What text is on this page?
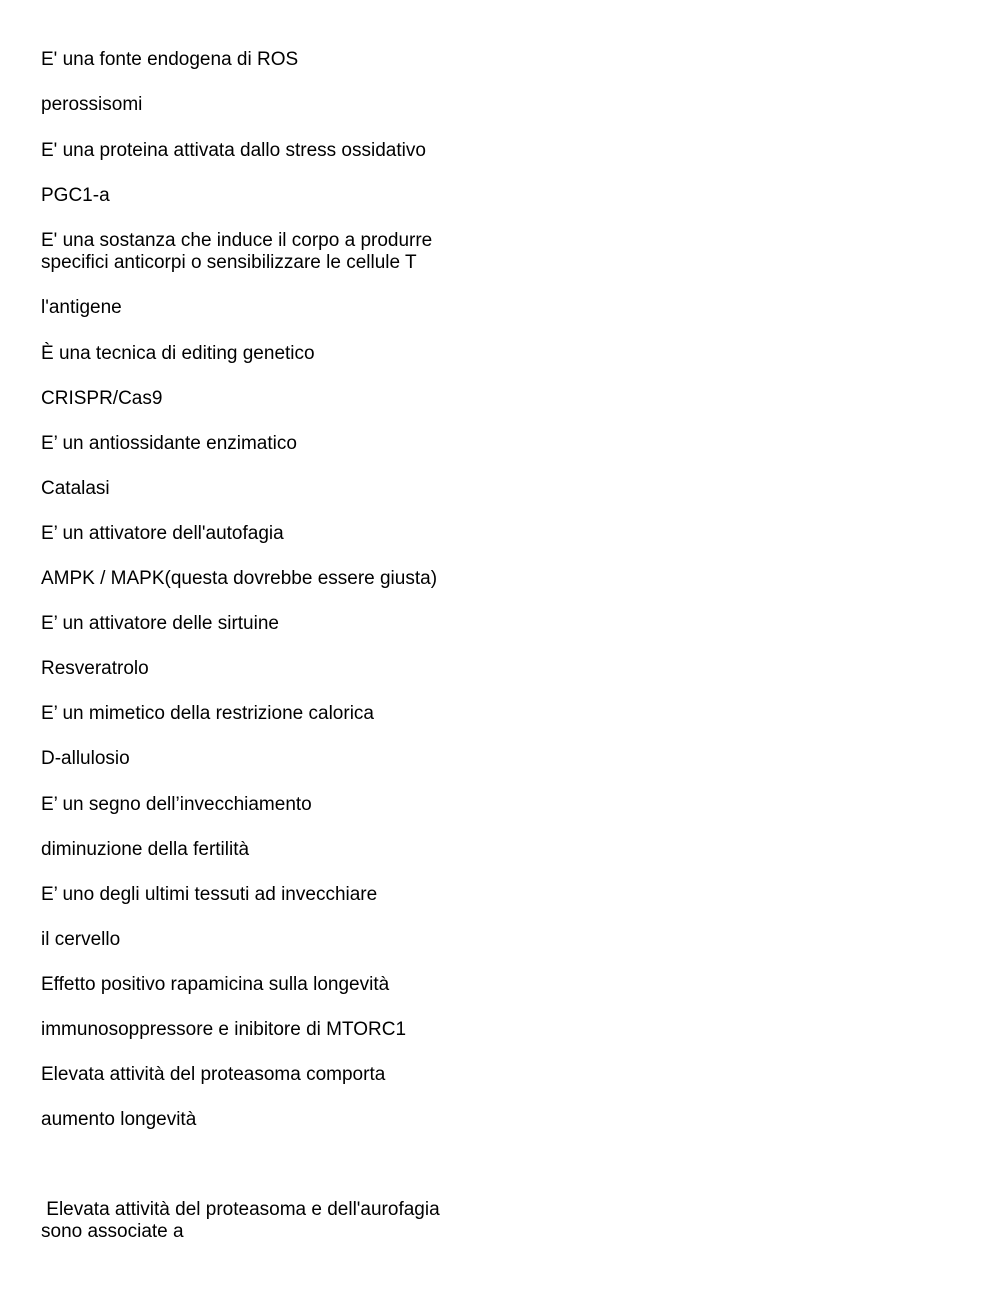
E' una fonte endogena di ROS
perossisomi
E' una proteina attivata dallo stress ossidativo
PGC1-a
E' una sostanza che induce il corpo a produrre
specifici anticorpi o sensibilizzare le cellule T
l'antigene
È una tecnica di editing genetico
CRISPR/Cas9
E’ un antiossidante enzimatico
Catalasi
E’ un attivatore dell'autofagia
AMPK / MAPK(questa dovrebbe essere giusta)
E’ un attivatore delle sirtuine
Resveratrolo
E’ un mimetico della restrizione calorica
D-allulosio
E’ un segno dell’invecchiamento
diminuzione della fertilità
E’ uno degli ultimi tessuti ad invecchiare
il cervello
Effetto positivo rapamicina sulla longevità
immunosoppressore e inibitore di MTORC1
Elevata attività del proteasoma comporta
aumento longevità
Elevata attività del proteasoma e dell'aurofagia
sono associate a
